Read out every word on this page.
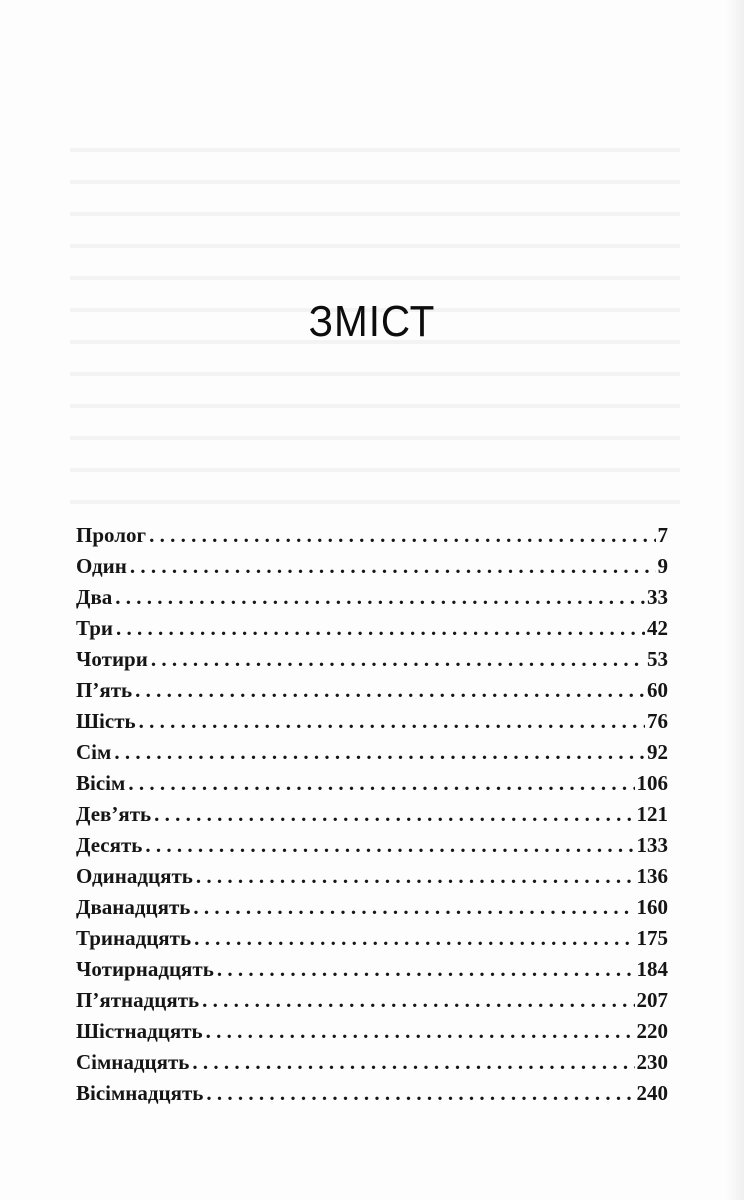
ЗМІСТ
Пролог . . .	7
Один . . .	9
Два . . .	33
Три . . .	42
Чотири . . .	53
П’ять . . .	60
Шість . . .	76
Сім . . .	92
Вісім . . .	106
Дев’ять . . .	121
Десять . . .	133
Одинадцять . . .	136
Дванадцять . . .	160
Тринадцять . . .	175
Чотирнадцять . . .	184
П’ятнадцять . . .	207
Шістнадцять . . .	220
Сімнадцять . . .	230
Вісімнадцять . . .	240
